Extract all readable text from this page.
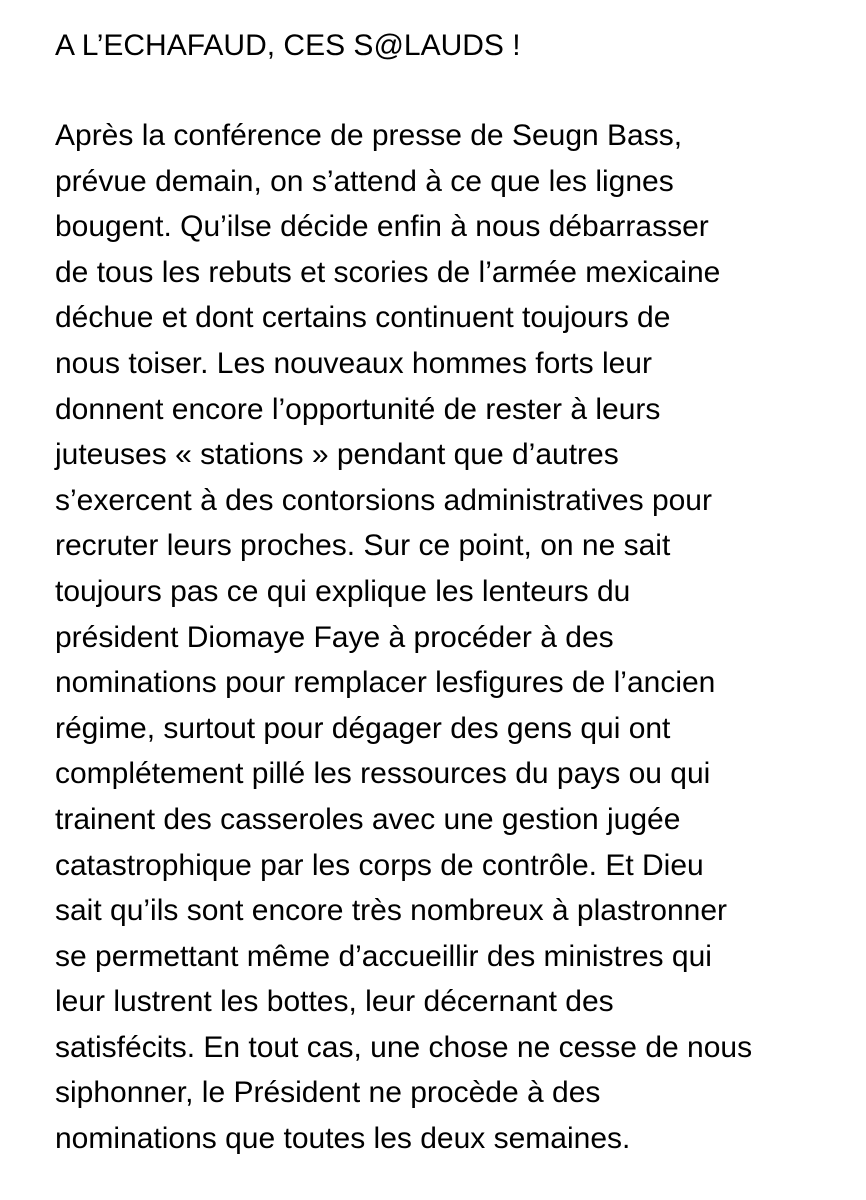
A L’ECHAFAUD, CES S@LAUDS !
Après la conférence de presse de Seugn Bass,
prévue demain, on s’attend à ce que les lignes
bougent. Qu’ilse décide enfin à nous débarrasser
de tous les rebuts et scories de l’armée mexicaine
déchue et dont certains continuent toujours de
nous toiser. Les nouveaux hommes forts leur
donnent encore l’opportunité de rester à leurs
juteuses « stations » pendant que d’autres
s’exercent à des contorsions administratives pour
recruter leurs proches. Sur ce point, on ne sait
toujours pas ce qui explique les lenteurs du
président Diomaye Faye à procéder à des
nominations pour remplacer lesfigures de l’ancien
régime, surtout pour dégager des gens qui ont
complétement pillé les ressources du pays ou qui
trainent des casseroles avec une gestion jugée
catastrophique par les corps de contrôle. Et Dieu
sait qu’ils sont encore très nombreux à plastronner
se permettant même d’accueillir des ministres qui
leur lustrent les bottes, leur décernant des
satisfécits. En tout cas, une chose ne cesse de nous
siphonner, le Président ne procède à des
nominations que toutes les deux semaines.
